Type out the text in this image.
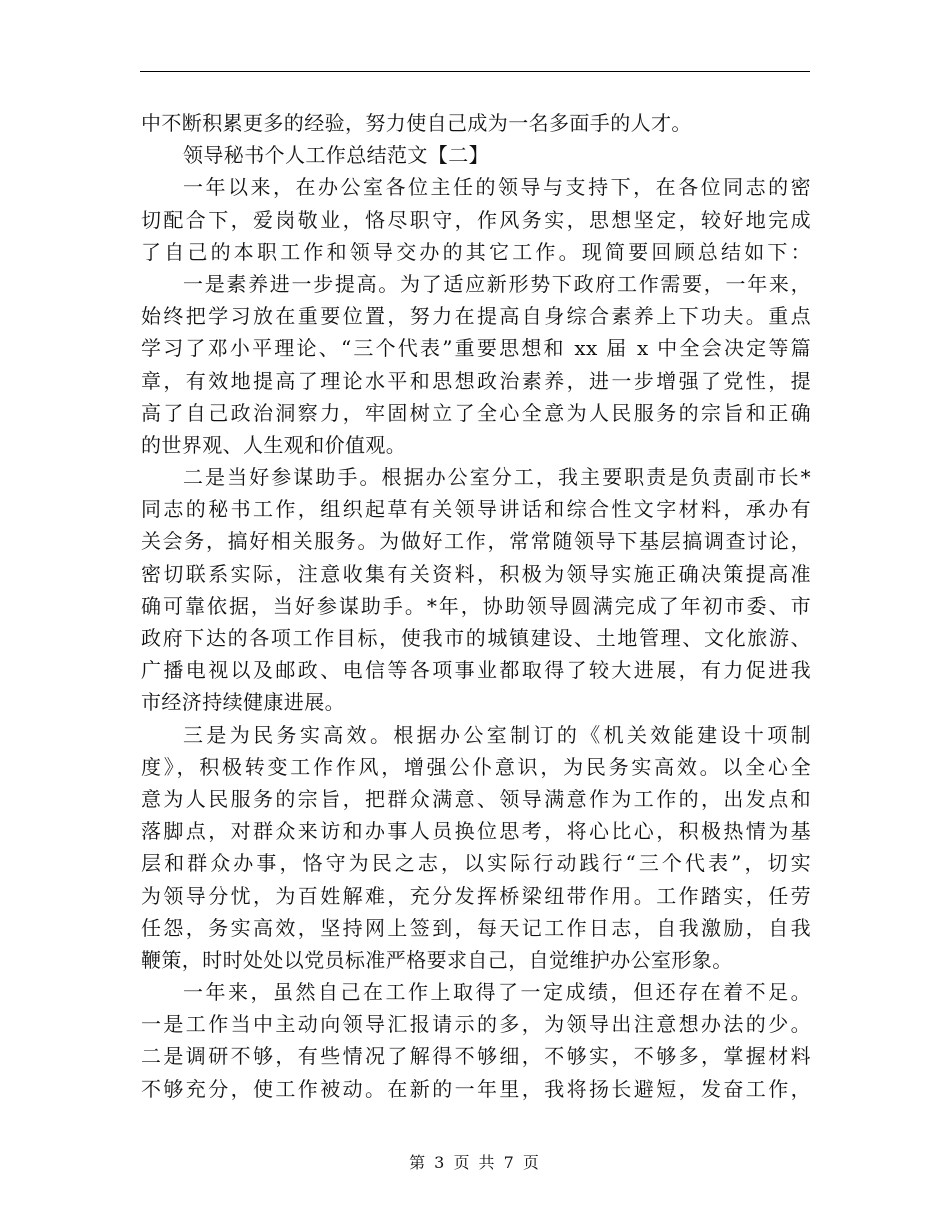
中不断积累更多的经验，努力使自己成为一名多面手的人才。
领导秘书个人工作总结范文【二】
一年以来，在办公室各位主任的领导与支持下，在各位同志的密
切配合下，爱岗敬业，恪尽职守，作风务实，思想坚定，较好地完成
了自己的本职工作和领导交办的其它工作。现简要回顾总结如下：
一是素养进一步提高。为了适应新形势下政府工作需要，一年来，
始终把学习放在重要位置，努力在提高自身综合素养上下功夫。重点
学习了邓小平理论、“三个代表”重要思想和 xx 届 x 中全会决定等篇
章，有效地提高了理论水平和思想政治素养，进一步增强了党性，提
高了自己政治洞察力，牢固树立了全心全意为人民服务的宗旨和正确
的世界观、人生观和价值观。
二是当好参谋助手。根据办公室分工，我主要职责是负责副市长*
同志的秘书工作，组织起草有关领导讲话和综合性文字材料，承办有
关会务，搞好相关服务。为做好工作，常常随领导下基层搞调查讨论，
密切联系实际，注意收集有关资料，积极为领导实施正确决策提高准
确可靠依据，当好参谋助手。*年，协助领导圆满完成了年初市委、市
政府下达的各项工作目标，使我市的城镇建设、土地管理、文化旅游、
广播电视以及邮政、电信等各项事业都取得了较大进展，有力促进我
市经济持续健康进展。
三是为民务实高效。根据办公室制订的《机关效能建设十项制
度》，积极转变工作作风，增强公仆意识，为民务实高效。以全心全
意为人民服务的宗旨，把群众满意、领导满意作为工作的，出发点和
落脚点，对群众来访和办事人员换位思考，将心比心，积极热情为基
层和群众办事，恪守为民之志，以实际行动践行“三个代表”，切实
为领导分忧，为百姓解难，充分发挥桥梁纽带作用。工作踏实，任劳
任怨，务实高效，坚持网上签到，每天记工作日志，自我激励，自我
鞭策，时时处处以党员标准严格要求自己，自觉维护办公室形象。
一年来，虽然自己在工作上取得了一定成绩，但还存在着不足。
一是工作当中主动向领导汇报请示的多，为领导出注意想办法的少。
二是调研不够，有些情况了解得不够细，不够实，不够多，掌握材料
不够充分，使工作被动。在新的一年里，我将扬长避短，发奋工作，
第 3 页 共 7 页
